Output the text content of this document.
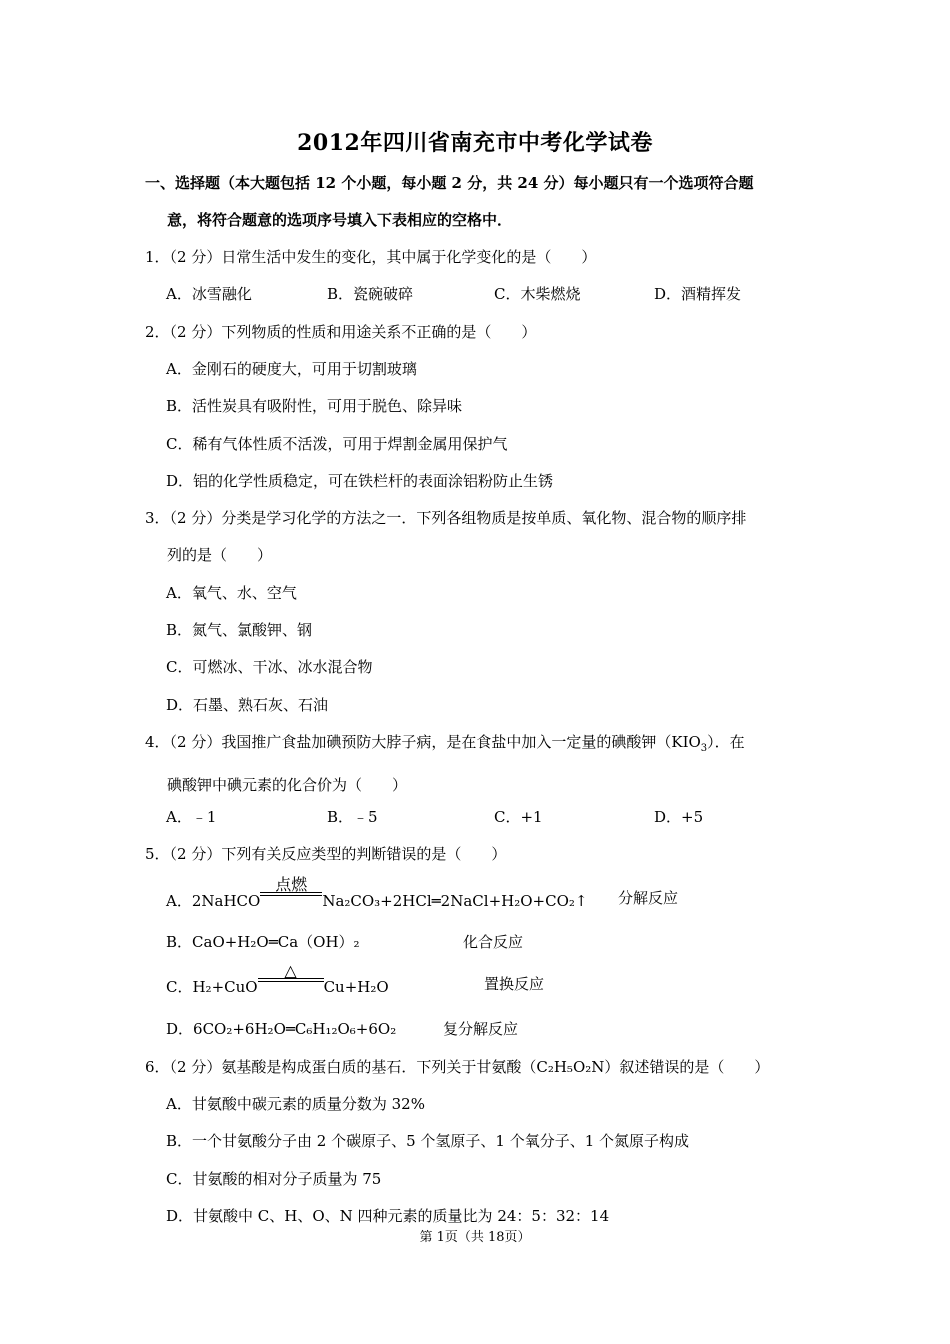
2012年四川省南充市中考化学试卷
一、选择题（本大题包括 12 个小题，每小题 2 分，共 24 分）每小题只有一个选项符合题
意，将符合题意的选项序号填入下表相应的空格中．
1．（2 分）日常生活中发生的变化，其中属于化学变化的是（　　）
A．冰雪融化	B．瓷碗破碎	C．木柴燃烧	D．酒精挥发
2．（2 分）下列物质的性质和用途关系不正确的是（　　）
A．金刚石的硬度大，可用于切割玻璃
B．活性炭具有吸附性，可用于脱色、除异味
C．稀有气体性质不活泼，可用于焊割金属用保护气
D．铝的化学性质稳定，可在铁栏杆的表面涂铝粉防止生锈
3．（2 分）分类是学习化学的方法之一．下列各组物质是按单质、氧化物、混合物的顺序排
列的是（　　）
A．氧气、水、空气
B．氮气、氯酸钾、钢
C．可燃冰、干冰、冰水混合物
D．石墨、熟石灰、石油
4．（2 分）我国推广食盐加碘预防大脖子病，是在食盐中加入一定量的碘酸钾$(KIO_3)$．在
碘酸钾中碘元素的化合价为（　　）
A．﹣1	B．﹣5	C．+1	D．+5
5．（2 分）下列有关反应类型的判断错误的是（　　）
A．2NaHCO
点燃
Na₂CO₃+2HCl═2NaCl+H₂O+CO₂↑ 分解反应
B．CaO+H₂O═Ca（OH）₂	化合反应
C．H₂+CuO
△
Cu+H₂O	置换反应
D．6CO₂+6H₂O═C₆H₁₂O₆+6O₂	复分解反应
6．（2 分）氨基酸是构成蛋白质的基石．下列关于甘氨酸（C₂H₅O₂N）叙述错误的是（　　）
A．甘氨酸中碳元素的质量分数为 32%
B．一个甘氨酸分子由 2 个碳原子、5 个氢原子、1 个氧分子、1 个氮原子构成
C．甘氨酸的相对分子质量为 75
D．甘氨酸中 C、H、O、N 四种元素的质量比为 24：5：32：14
第 1页（共 18页）
